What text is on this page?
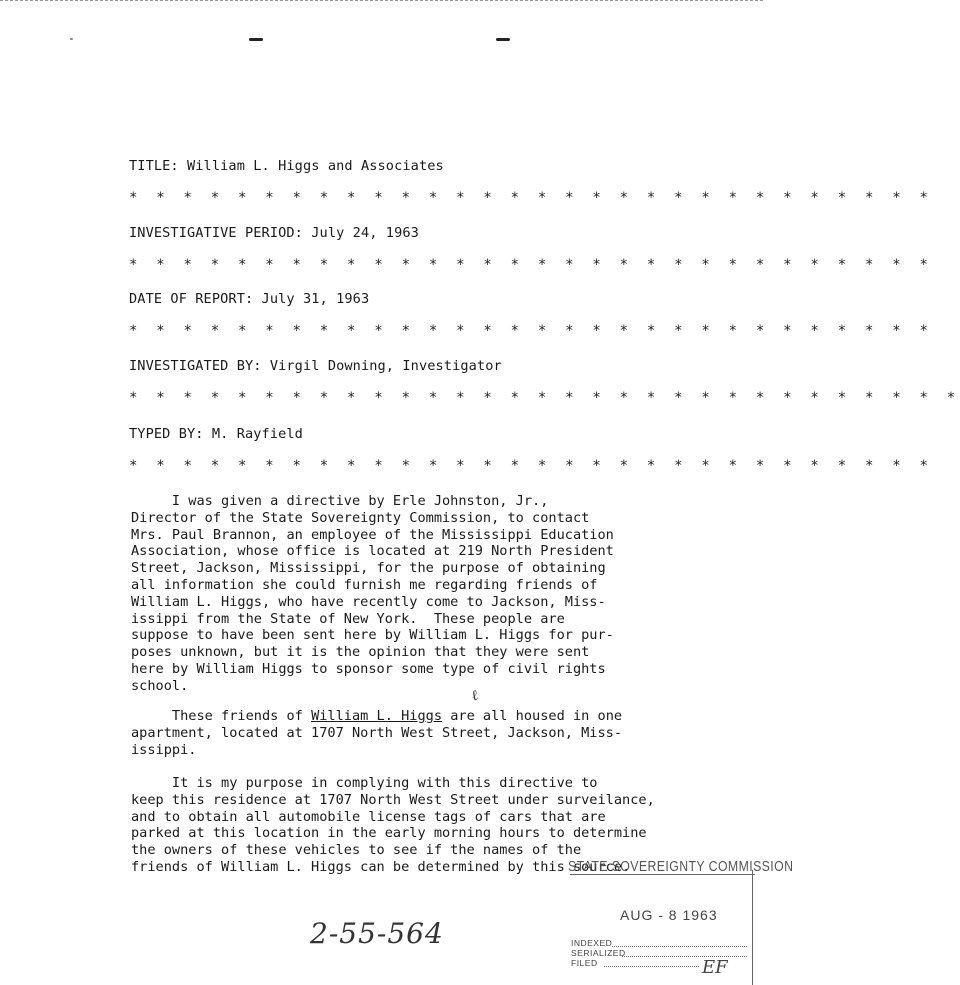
TITLE: William L. Higgs and Associates
* * * * * * * * * * * * * * * * * * * * * * * * * * * * * *
INVESTIGATIVE PERIOD: July 24, 1963
* * * * * * * * * * * * * * * * * * * * * * * * * * * * * *
DATE OF REPORT: July 31, 1963
* * * * * * * * * * * * * * * * * * * * * * * * * * * * * *
INVESTIGATED BY: Virgil Downing, Investigator
* * * * * * * * * * * * * * * * * * * * * * * * * * * * * * *
TYPED BY: M. Rayfield
* * * * * * * * * * * * * * * * * * * * * * * * * * * * * *
I was given a directive by Erle Johnston, Jr.,
Director of the State Sovereignty Commission, to contact
Mrs. Paul Brannon, an employee of the Mississippi Education
Association, whose office is located at 219 North President
Street, Jackson, Mississippi, for the purpose of obtaining
all information she could furnish me regarding friends of
William L. Higgs, who have recently come to Jackson, Miss-
issippi from the State of New York.  These people are
suppose to have been sent here by William L. Higgs for pur-
poses unknown, but it is the opinion that they were sent
here by William Higgs to sponsor some type of civil rights
school.
ℓ
These friends of William L. Higgs are all housed in one
apartment, located at 1707 North West Street, Jackson, Miss-
issippi.
It is my purpose in complying with this directive to
keep this residence at 1707 North West Street under surveilance,
and to obtain all automobile license tags of cars that are
parked at this location in the early morning hours to determine
the owners of these vehicles to see if the names of the
friends of William L. Higgs can be determined by this source.
2-55-564
STATE SOVEREIGNTY COMMISSION
AUG - 8 1963
INDEXED
SERIALIZED
FILED	EF
